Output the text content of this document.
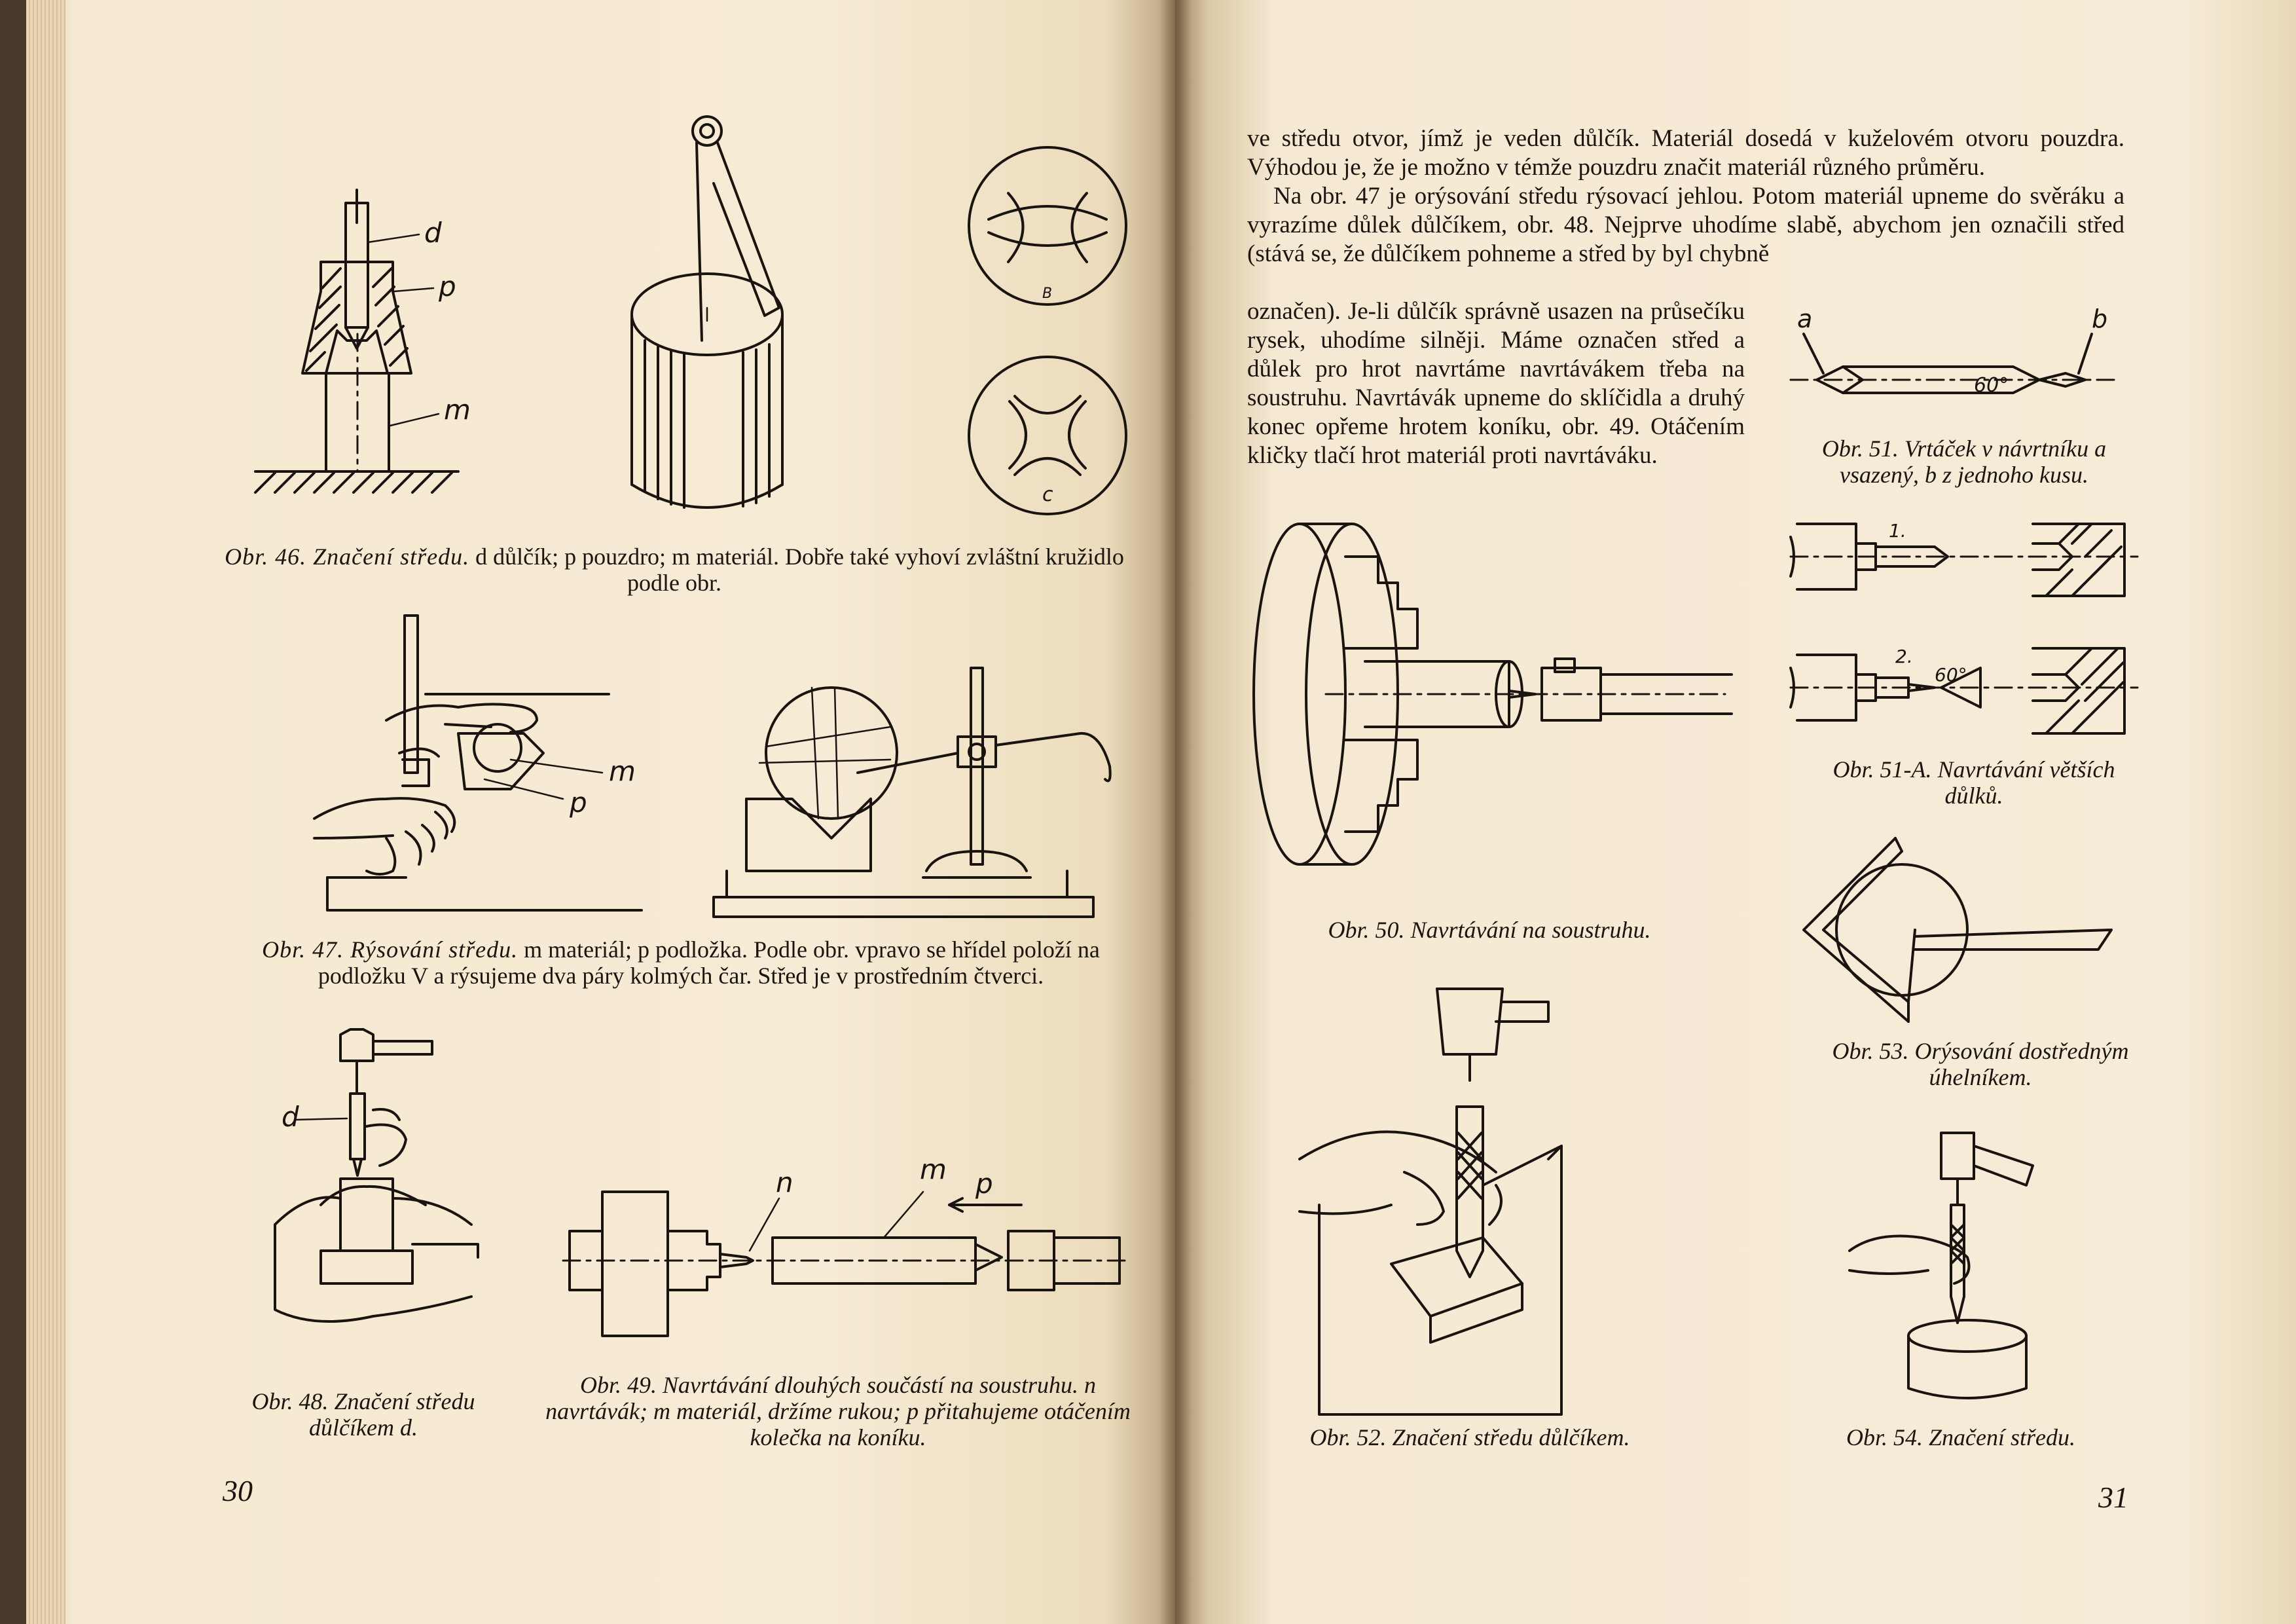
d
p
m
B
c
Obr. 46. Značení středu. d důlčík; p pouzdro; m materiál. Dobře také vyhoví zvláštní kružidlo podle obr.
m
p
Obr. 47. Rýsování středu. m materiál; p podložka. Podle obr. vpravo se hřídel položí na podložku V a rýsujeme dva páry kolmých čar. Střed je v prostředním čtverci.
d
Obr. 48. Značení středu důlčíkem d.
n	m p
Obr. 49. Navrtávání dlouhých součástí na soustruhu. n navrtávák; m materiál, držíme rukou; p přitahujeme otáčením kolečka na koníku.
30

ve středu otvor, jímž je veden důlčík. Materiál dosedá v kuželovém otvoru pouzdra. Výhodou je, že je možno v témže pouzdru značit materiál různého průměru.

Na obr. 47 je orýsování středu rýsovací jehlou. Potom materiál upneme do svěráku a vyrazíme důlek důlčíkem, obr. 48. Nejprve uhodíme slabě, abychom jen označili střed (stává se, že důlčíkem pohneme a střed by byl chybně

označen). Je-li důlčík správně usazen na průsečíku rysek, uhodíme silněji. Máme označen střed a důlek pro hrot navrtáme navrtávákem třeba na soustruhu. Navrtávák upneme do sklíčidla a druhý konec opřeme hrotem koníku, obr. 49. Otáčením kličky tlačí hrot materiál proti navrtáváku.
60°
a	b
Obr. 51. Vrtáček v návrtníku a vsazený, b z jednoho kusu.
Obr. 50. Navrtávání na soustruhu.
1.
2.
60°
Obr. 51-A. Navrtávání větších důlků.
Obr. 53. Orýsování dostředným úhelníkem.
Obr. 52. Značení středu důlčíkem.	Obr. 54. Značení středu.
31
